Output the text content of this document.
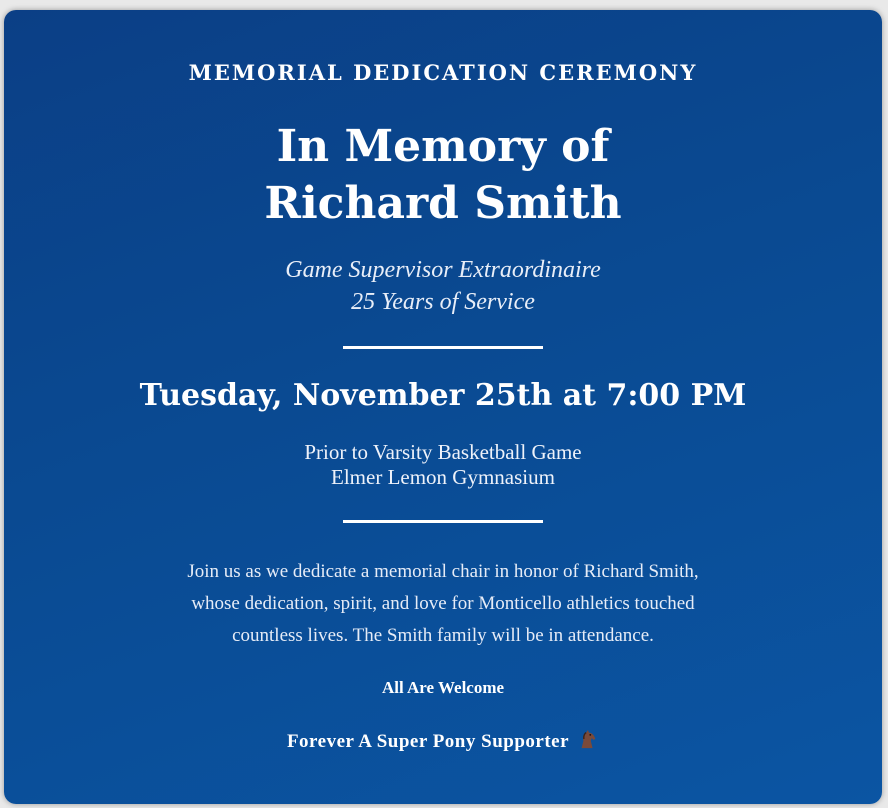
MEMORIAL DEDICATION CEREMONY
In Memory of
Richard Smith
Game Supervisor Extraordinaire
25 Years of Service
Tuesday, November 25th at 7:00 PM
Prior to Varsity Basketball Game
Elmer Lemon Gymnasium
Join us as we dedicate a memorial chair in honor of Richard Smith,
whose dedication, spirit, and love for Monticello athletics touched
countless lives. The Smith family will be in attendance.
All Are Welcome
Forever A Super Pony Supporter
